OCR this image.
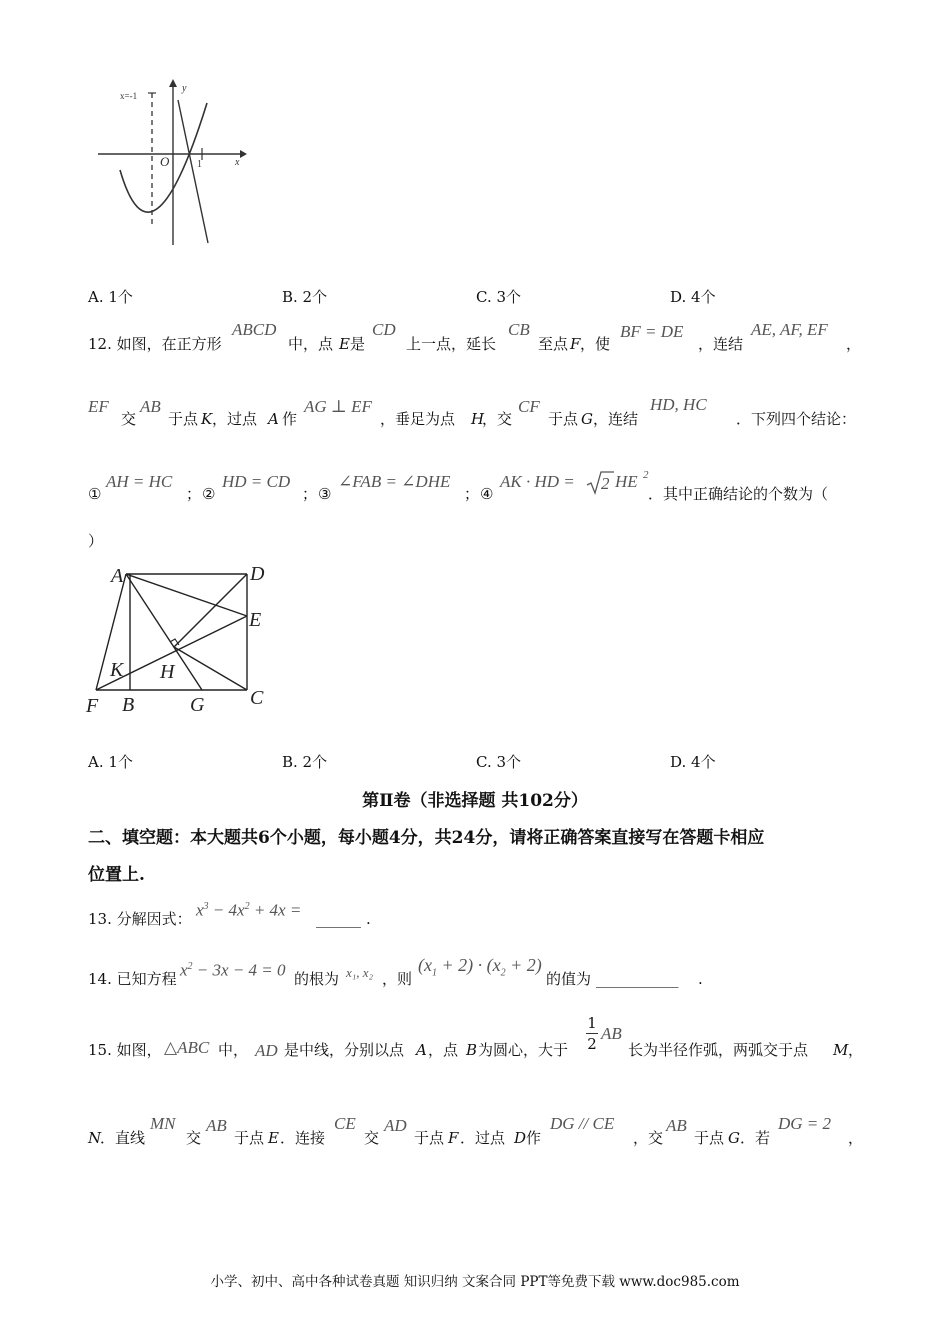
x=-1
y
x
O	1
A. 1个	B. 2个	C. 3个	D. 4个
12. 如图，在正方形
ABCD
中，点 E 是
CD
上一点，延长
CB
至点 F ，使
BF = DE
，连结
AE, AF, EF
，
EF
交
AB
于点 K ，过点 A 作
AG ⊥ EF
，垂足为点 H
，交
CF
于点 G ，连结
HD, HC
．下列四个结论：
①
AH = HC
； ②
HD = CD
； ③
∠FAB = ∠DHE
； ④
AK · HD = 2 HE 2
．其中正确结论的个数为（
）
A	D
E
K H
F B	G C
A. 1个	B. 2个	C. 3个	D. 4个
第Ⅱ卷（非选择题 共102分）
二、填空题：本大题共6个小题，每小题4分，共24分，请将正确答案直接写在答题卡相应
位置上.
13. 分解因式： $x^3 - 4x^2 + 4x$ = ______ .
14. 已知方程 $x^2 - 3x - 4 = 0$ 的根为 x₁, x₂ ，则
$(x_1 + 2) \cdot (x_2 + 2)$
的值为 ___________ .
15. 如图， △ABC 中， AD 是中线，分别以点 A ，点 B 为圆心，大于
1
2
AB
长为半径作弧，两弧交于点 M ，
N
．直线
MN
交
AB
于点 E ．连接
CE
交
AD
于点 F ．过点 D 作
DG // CE
，交
AB
于点 G ．若
DG = 2
，
小学、初中、高中各种试卷真题 知识归纳 文案合同 PPT等免费下载 www.doc985.com
